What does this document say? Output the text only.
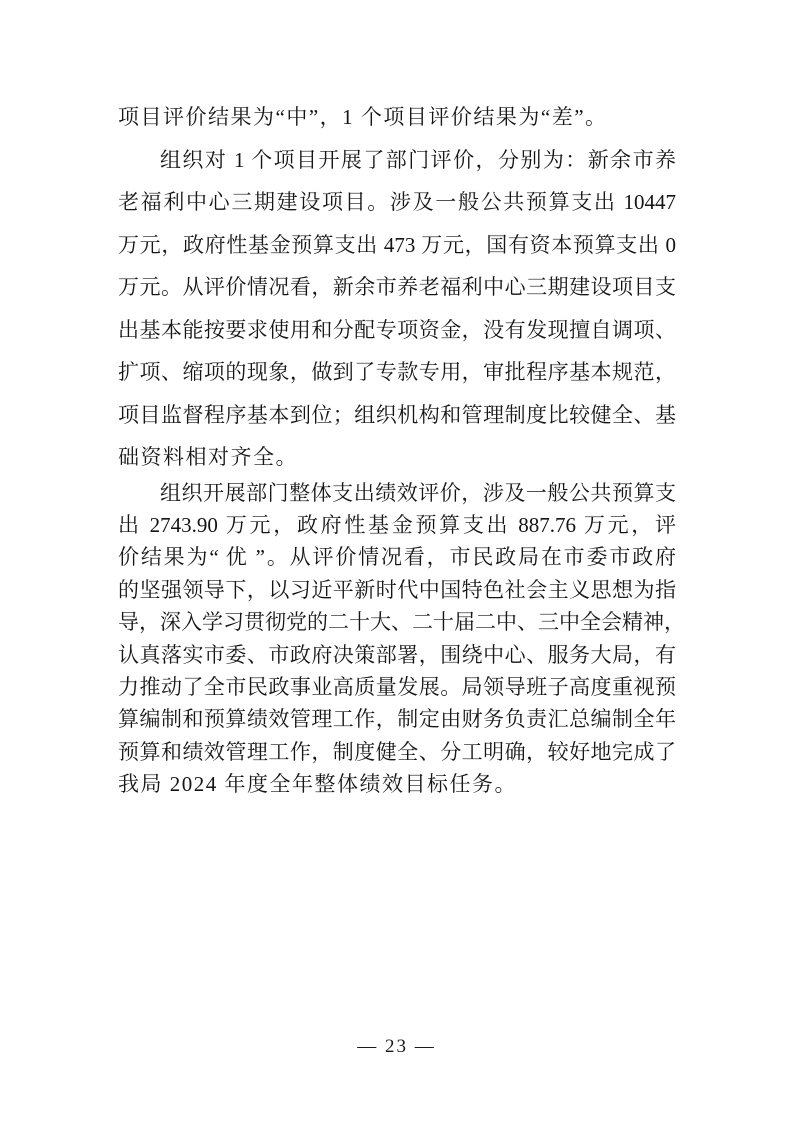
项目评价结果为“中”，1 个项目评价结果为“差”。
组织对 1 个项目开展了部门评价，分别为：新余市养
老福利中心三期建设项目。涉及一般公共预算支出 10447
万元，政府性基金预算支出 473 万元，国有资本预算支出 0
万元。从评价情况看，新余市养老福利中心三期建设项目支
出基本能按要求使用和分配专项资金，没有发现擅自调项、
扩项、缩项的现象，做到了专款专用，审批程序基本规范，
项目监督程序基本到位；组织机构和管理制度比较健全、基
础资料相对齐全。
组织开展部门整体支出绩效评价，涉及一般公共预算支
出 2743.90 万元，政府性基金预算支出 887.76 万元，评
价结果为“ 优 ”。从评价情况看，市民政局在市委市政府
的坚强领导下，以习近平新时代中国特色社会主义思想为指
导，深入学习贯彻党的二十大、二十届二中、三中全会精神，
认真落实市委、市政府决策部署，围绕中心、服务大局，有
力推动了全市民政事业高质量发展。局领导班子高度重视预
算编制和预算绩效管理工作，制定由财务负责汇总编制全年
预算和绩效管理工作，制度健全、分工明确，较好地完成了
我局 2024 年度全年整体绩效目标任务。
— 23 —
